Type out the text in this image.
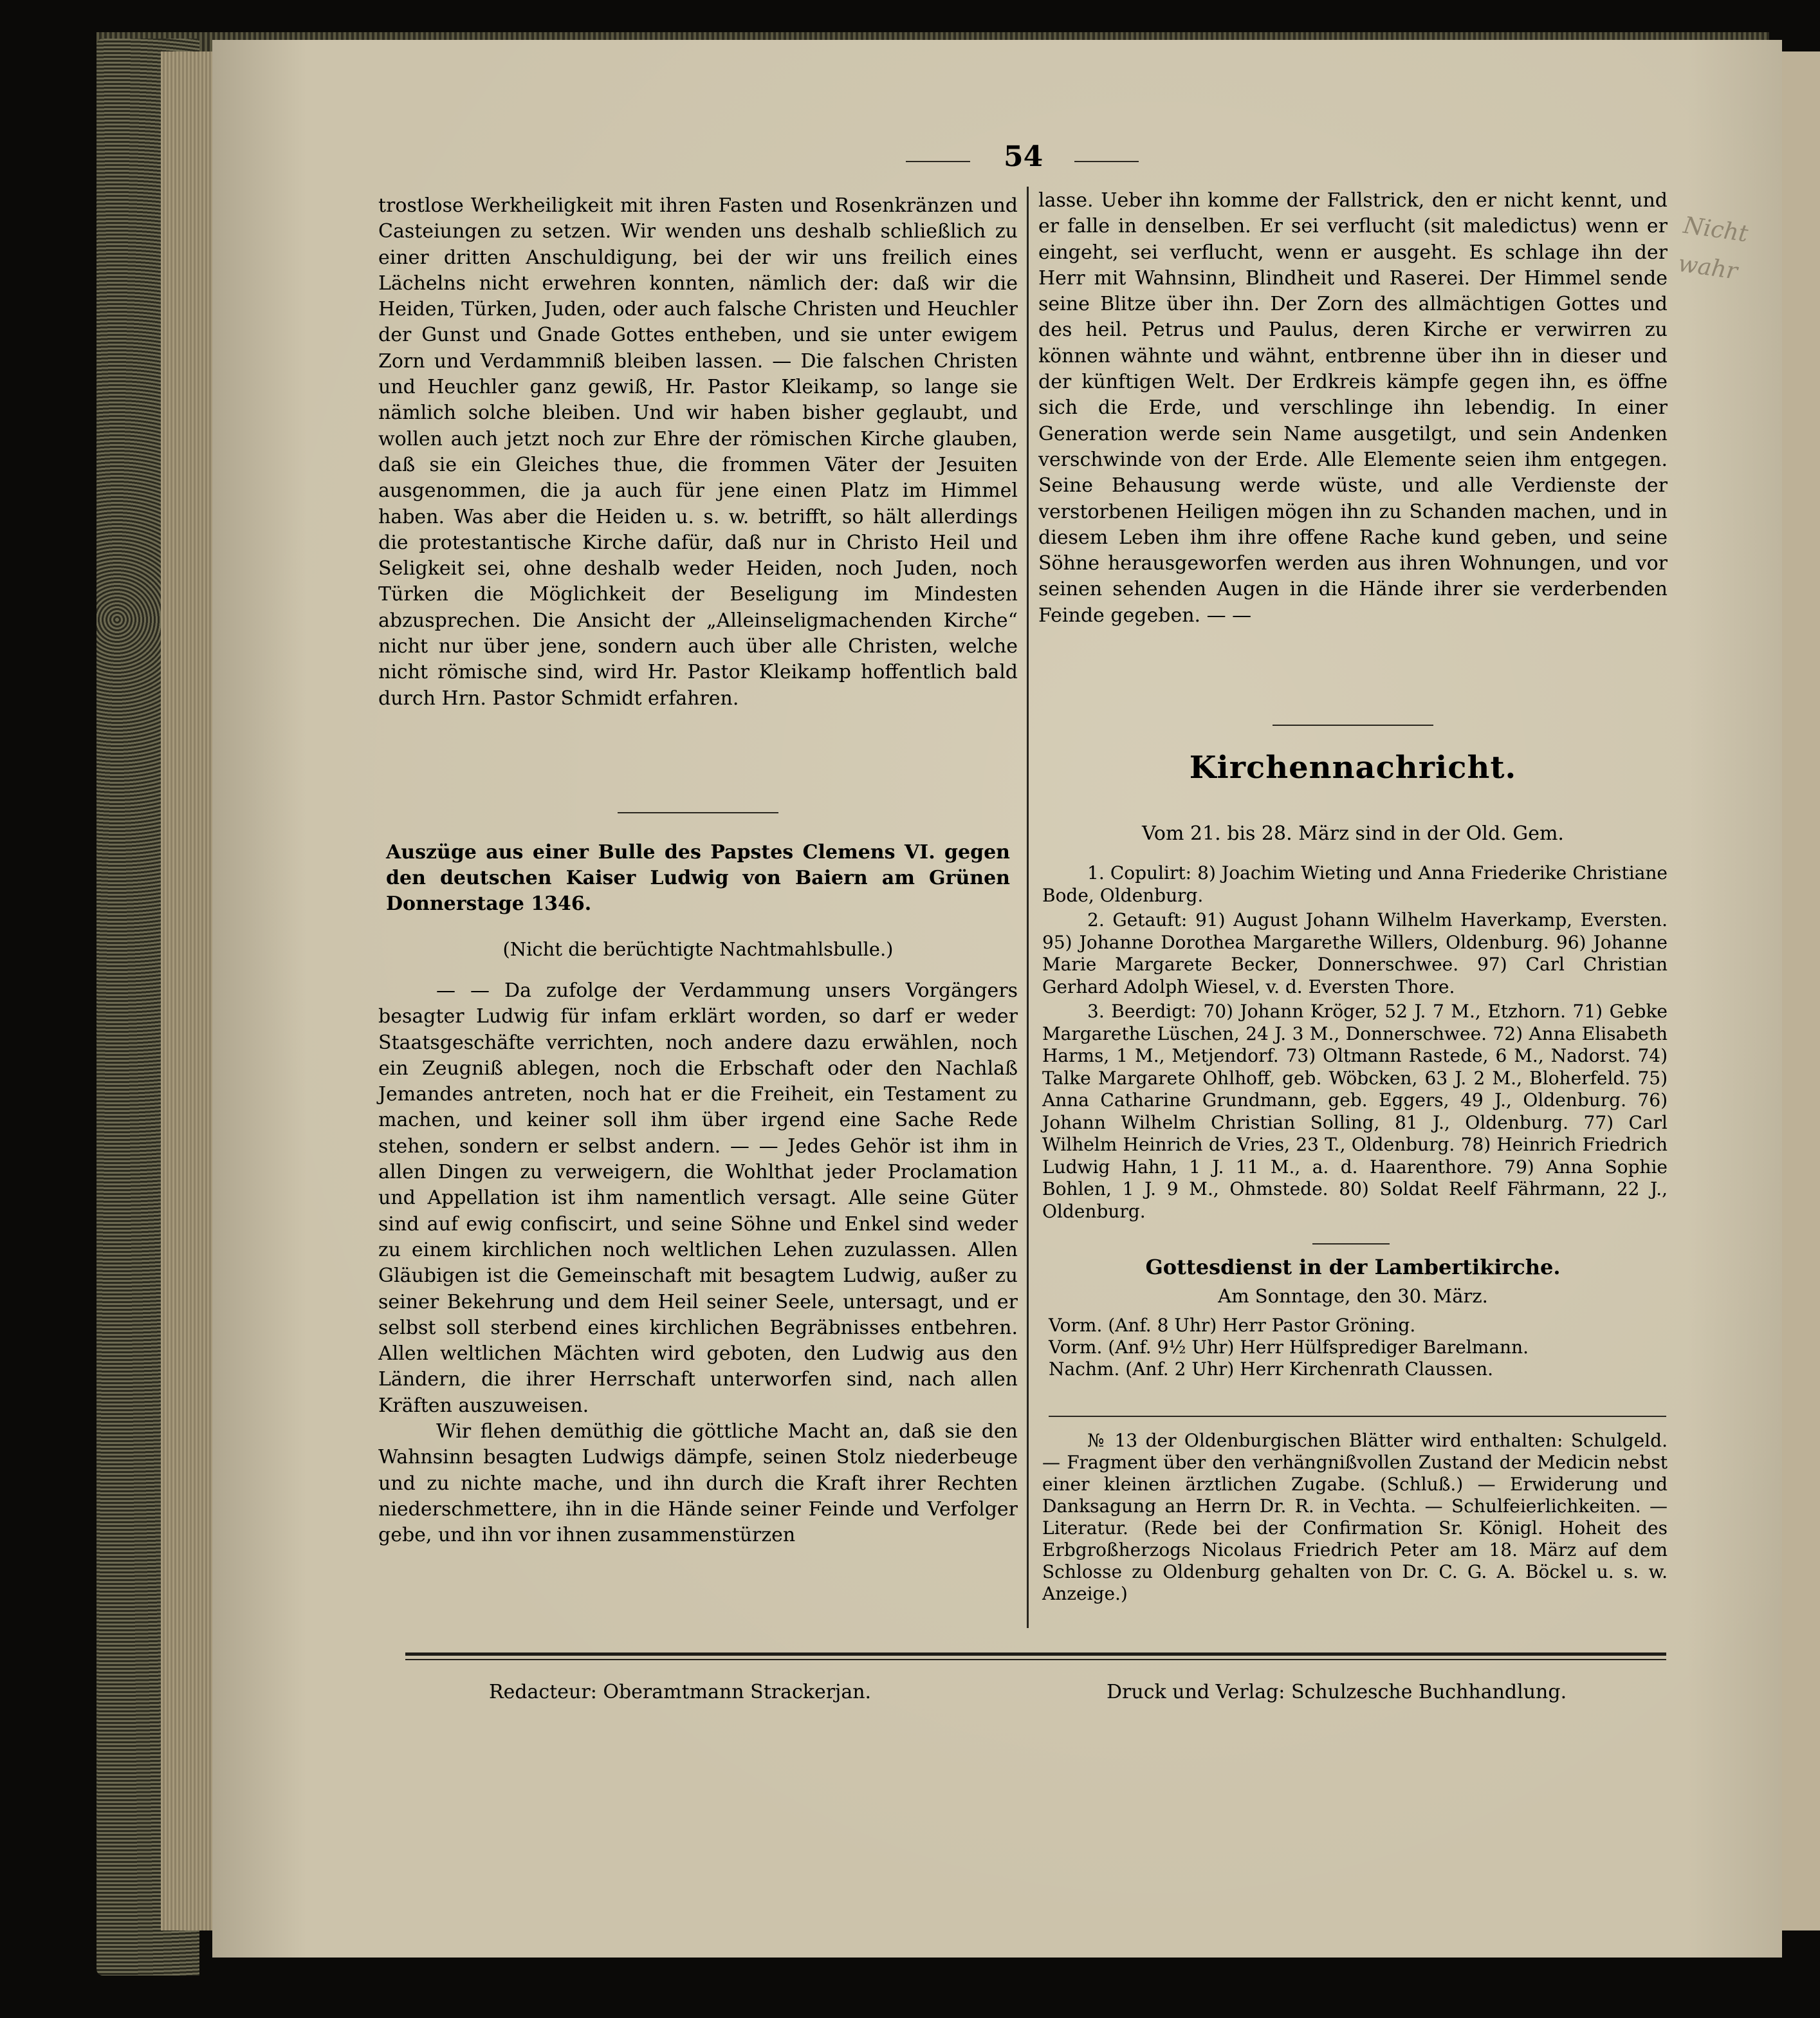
54

trostlose Werkheiligkeit mit ihren Fasten und Rosenkränzen und Casteiungen zu setzen. Wir wenden uns deshalb schließlich zu einer dritten Anschuldigung, bei der wir uns freilich eines Lächelns nicht erwehren konnten, nämlich der: daß wir die Heiden, Türken, Juden, oder auch falsche Christen und Heuchler der Gunst und Gnade Gottes entheben, und sie unter ewigem Zorn und Verdammniß bleiben lassen. — Die falschen Christen und Heuchler ganz gewiß, Hr. Pastor Kleikamp, so lange sie nämlich solche bleiben. Und wir haben bisher geglaubt, und wollen auch jetzt noch zur Ehre der römischen Kirche glauben, daß sie ein Gleiches thue, die frommen Väter der Jesuiten ausgenommen, die ja auch für jene einen Platz im Himmel haben. Was aber die Heiden u. s. w. betrifft, so hält allerdings die protestantische Kirche dafür, daß nur in Christo Heil und Seligkeit sei, ohne deshalb weder Heiden, noch Juden, noch Türken die Möglichkeit der Beseligung im Mindesten abzusprechen. Die Ansicht der „Alleinseligmachenden Kirche“ nicht nur über jene, sondern auch über alle Christen, welche nicht römische sind, wird Hr. Pastor Kleikamp hoffentlich bald durch Hrn. Pastor Schmidt erfahren.

Auszüge aus einer Bulle des Papstes Clemens VI. gegen den deutschen Kaiser Ludwig von Baiern am Grünen Donnerstage 1346.
(Nicht die berüchtigte Nachtmahlsbulle.)

— — Da zufolge der Verdammung unsers Vorgängers besagter Ludwig für infam erklärt worden, so darf er weder Staatsgeschäfte verrichten, noch andere dazu erwählen, noch ein Zeugniß ablegen, noch die Erbschaft oder den Nachlaß Jemandes antreten, noch hat er die Freiheit, ein Testament zu machen, und keiner soll ihm über irgend eine Sache Rede stehen, sondern er selbst andern. — — Jedes Gehör ist ihm in allen Dingen zu verweigern, die Wohlthat jeder Proclamation und Appellation ist ihm namentlich versagt. Alle seine Güter sind auf ewig confiscirt, und seine Söhne und Enkel sind weder zu einem kirchlichen noch weltlichen Lehen zuzulassen. Allen Gläubigen ist die Gemeinschaft mit besagtem Ludwig, außer zu seiner Bekehrung und dem Heil seiner Seele, untersagt, und er selbst soll sterbend eines kirchlichen Begräbnisses entbehren. Allen weltlichen Mächten wird geboten, den Ludwig aus den Ländern, die ihrer Herrschaft unterworfen sind, nach allen Kräften auszuweisen.

Wir flehen demüthig die göttliche Macht an, daß sie den Wahnsinn besagten Ludwigs dämpfe, seinen Stolz niederbeuge und zu nichte mache, und ihn durch die Kraft ihrer Rechten niederschmettere, ihn in die Hände seiner Feinde und Verfolger gebe, und ihn vor ihnen zusammenstürzen

lasse. Ueber ihn komme der Fallstrick, den er nicht kennt, und er falle in denselben. Er sei verflucht (sit maledictus) wenn er eingeht, sei verflucht, wenn er ausgeht. Es schlage ihn der Herr mit Wahnsinn, Blindheit und Raserei. Der Himmel sende seine Blitze über ihn. Der Zorn des allmächtigen Gottes und des heil. Petrus und Paulus, deren Kirche er verwirren zu können wähnte und wähnt, entbrenne über ihn in dieser und der künftigen Welt. Der Erdkreis kämpfe gegen ihn, es öffne sich die Erde, und verschlinge ihn lebendig. In einer Generation werde sein Name ausgetilgt, und sein Andenken verschwinde von der Erde. Alle Elemente seien ihm entgegen. Seine Behausung werde wüste, und alle Verdienste der verstorbenen Heiligen mögen ihn zu Schanden machen, und in diesem Leben ihm ihre offene Rache kund geben, und seine Söhne herausgeworfen werden aus ihren Wohnungen, und vor seinen sehenden Augen in die Hände ihrer sie verderbenden Feinde gegeben. — —

Kirchennachricht.
Vom 21. bis 28. März sind in der Old. Gem.

1. Copulirt: 8) Joachim Wieting und Anna Friederike Christiane Bode, Oldenburg.

2. Getauft: 91) August Johann Wilhelm Haverkamp, Eversten. 95) Johanne Dorothea Margarethe Willers, Oldenburg. 96) Johanne Marie Margarete Becker, Donnerschwee. 97) Carl Christian Gerhard Adolph Wiesel, v. d. Eversten Thore.

3. Beerdigt: 70) Johann Kröger, 52 J. 7 M., Etzhorn. 71) Gebke Margarethe Lüschen, 24 J. 3 M., Donnerschwee. 72) Anna Elisabeth Harms, 1 M., Metjendorf. 73) Oltmann Rastede, 6 M., Nadorst. 74) Talke Margarete Ohlhoff, geb. Wöbcken, 63 J. 2 M., Bloherfeld. 75) Anna Catharine Grundmann, geb. Eggers, 49 J., Oldenburg. 76) Johann Wilhelm Christian Solling, 81 J., Oldenburg. 77) Carl Wilhelm Heinrich de Vries, 23 T., Oldenburg. 78) Heinrich Friedrich Ludwig Hahn, 1 J. 11 M., a. d. Haarenthore. 79) Anna Sophie Bohlen, 1 J. 9 M., Ohmstede. 80) Soldat Reelf Fährmann, 22 J., Oldenburg.

Gottesdienst in der Lambertikirche.
Am Sonntage, den 30. März.
Vorm. (Anf. 8 Uhr) Herr Pastor Gröning.
Vorm. (Anf. 9½ Uhr) Herr Hülfsprediger Barelmann.
Nachm. (Anf. 2 Uhr) Herr Kirchenrath Claussen.
№ 13 der Oldenburgischen Blätter wird enthalten: Schulgeld. — Fragment über den verhängnißvollen Zustand der Medicin nebst einer kleinen ärztlichen Zugabe. (Schluß.) — Erwiderung und Danksagung an Herrn Dr. R. in Vechta. — Schulfeierlichkeiten. — Literatur. (Rede bei der Confirmation Sr. Königl. Hoheit des Erbgroßherzogs Nicolaus Friedrich Peter am 18. März auf dem Schlosse zu Oldenburg gehalten von Dr. C. G. A. Böckel u. s. w. Anzeige.)
Redacteur: Oberamtmann Strackerjan.	Druck und Verlag: Schulzesche Buchhandlung.
Nicht wahr
